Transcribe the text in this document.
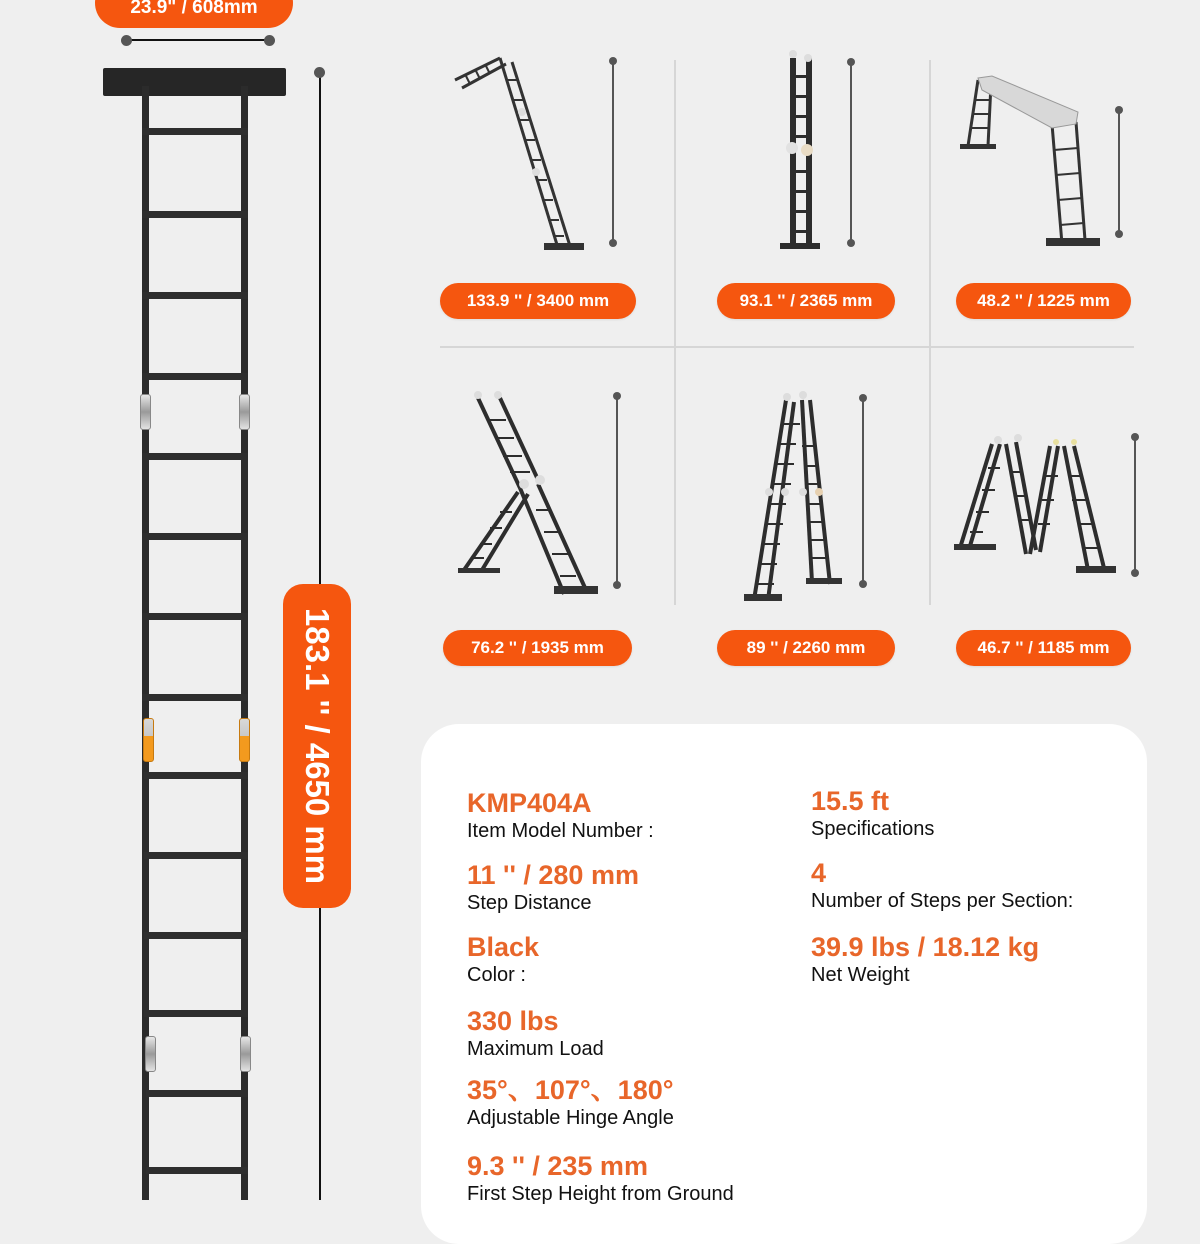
23.9" / 608mm
183.1 '' / 4650 mm
133.9 '' / 3400 mm	93.1 '' / 2365 mm	48.2 '' / 1225 mm
76.2 '' / 1935 mm	89 '' / 2260 mm	46.7 '' / 1185 mm
KMP404A
Item Model Number :
11 '' / 280 mm
Step Distance
Black
Color :
330 lbs
Maximum Load
35°、107°、180°
Adjustable Hinge Angle
9.3 '' / 235 mm
First Step Height from Ground
15.5 ft
Specifications
4
Number of Steps per Section:
39.9 lbs / 18.12 kg
Net Weight
